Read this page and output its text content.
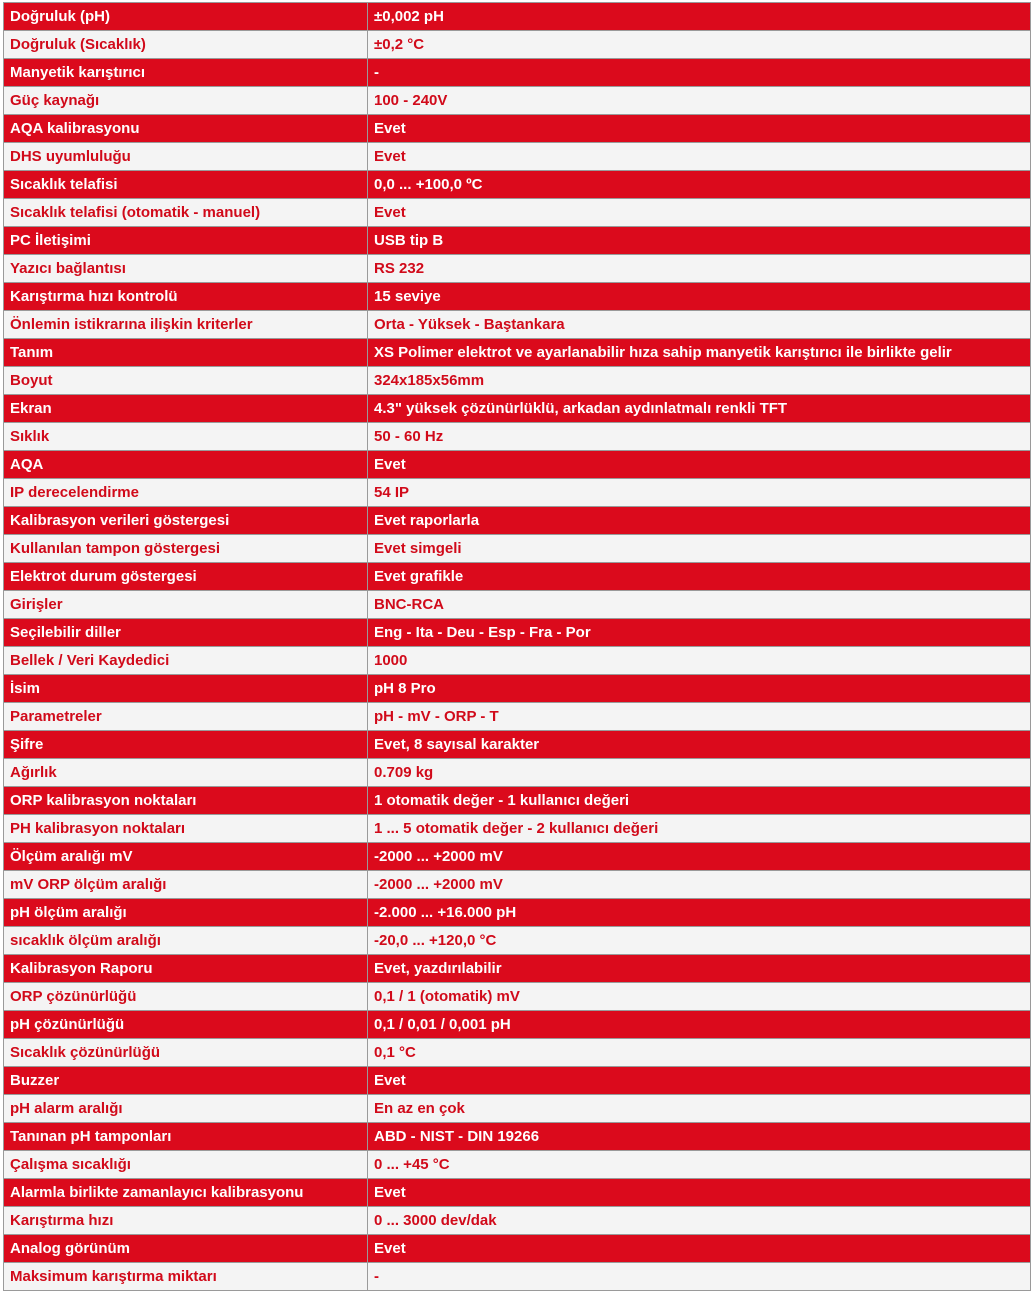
Doğruluk (pH)	±0,002 pH
Doğruluk (Sıcaklık)	±0,2 °C
Manyetik karıştırıcı	-
Güç kaynağı	100 - 240V
AQA kalibrasyonu	Evet
DHS uyumluluğu	Evet
Sıcaklık telafisi	0,0 ... +100,0 ºC
Sıcaklık telafisi (otomatik - manuel)	Evet
PC İletişimi	USB tip B
Yazıcı bağlantısı	RS 232
Karıştırma hızı kontrolü	15 seviye
Önlemin istikrarına ilişkin kriterler	Orta - Yüksek - Baştankara
Tanım	XS Polimer elektrot ve ayarlanabilir hıza sahip manyetik karıştırıcı ile birlikte gelir
Boyut	324x185x56mm
Ekran	4.3" yüksek çözünürlüklü, arkadan aydınlatmalı renkli TFT
Sıklık	50 - 60 Hz
AQA	Evet
IP derecelendirme	54 IP
Kalibrasyon verileri göstergesi	Evet raporlarla
Kullanılan tampon göstergesi	Evet simgeli
Elektrot durum göstergesi	Evet grafikle
Girişler	BNC-RCA
Seçilebilir diller	Eng - Ita - Deu - Esp - Fra - Por
Bellek / Veri Kaydedici	1000
İsim	pH 8 Pro
Parametreler	pH - mV - ORP - T
Şifre	Evet, 8 sayısal karakter
Ağırlık	0.709 kg
ORP kalibrasyon noktaları	1 otomatik değer - 1 kullanıcı değeri
PH kalibrasyon noktaları	1 ... 5 otomatik değer - 2 kullanıcı değeri
Ölçüm aralığı mV	-2000 ... +2000 mV
mV ORP ölçüm aralığı	-2000 ... +2000 mV
pH ölçüm aralığı	-2.000 ... +16.000 pH
sıcaklık ölçüm aralığı	-20,0 ... +120,0 °C
Kalibrasyon Raporu	Evet, yazdırılabilir
ORP çözünürlüğü	0,1 / 1 (otomatik) mV
pH çözünürlüğü	0,1 / 0,01 / 0,001 pH
Sıcaklık çözünürlüğü	0,1 °C
Buzzer	Evet
pH alarm aralığı	En az en çok
Tanınan pH tamponları	ABD - NIST - DIN 19266
Çalışma sıcaklığı	0 ... +45 °C
Alarmla birlikte zamanlayıcı kalibrasyonu	Evet
Karıştırma hızı	0 ... 3000 dev/dak
Analog görünüm	Evet
Maksimum karıştırma miktarı	-
